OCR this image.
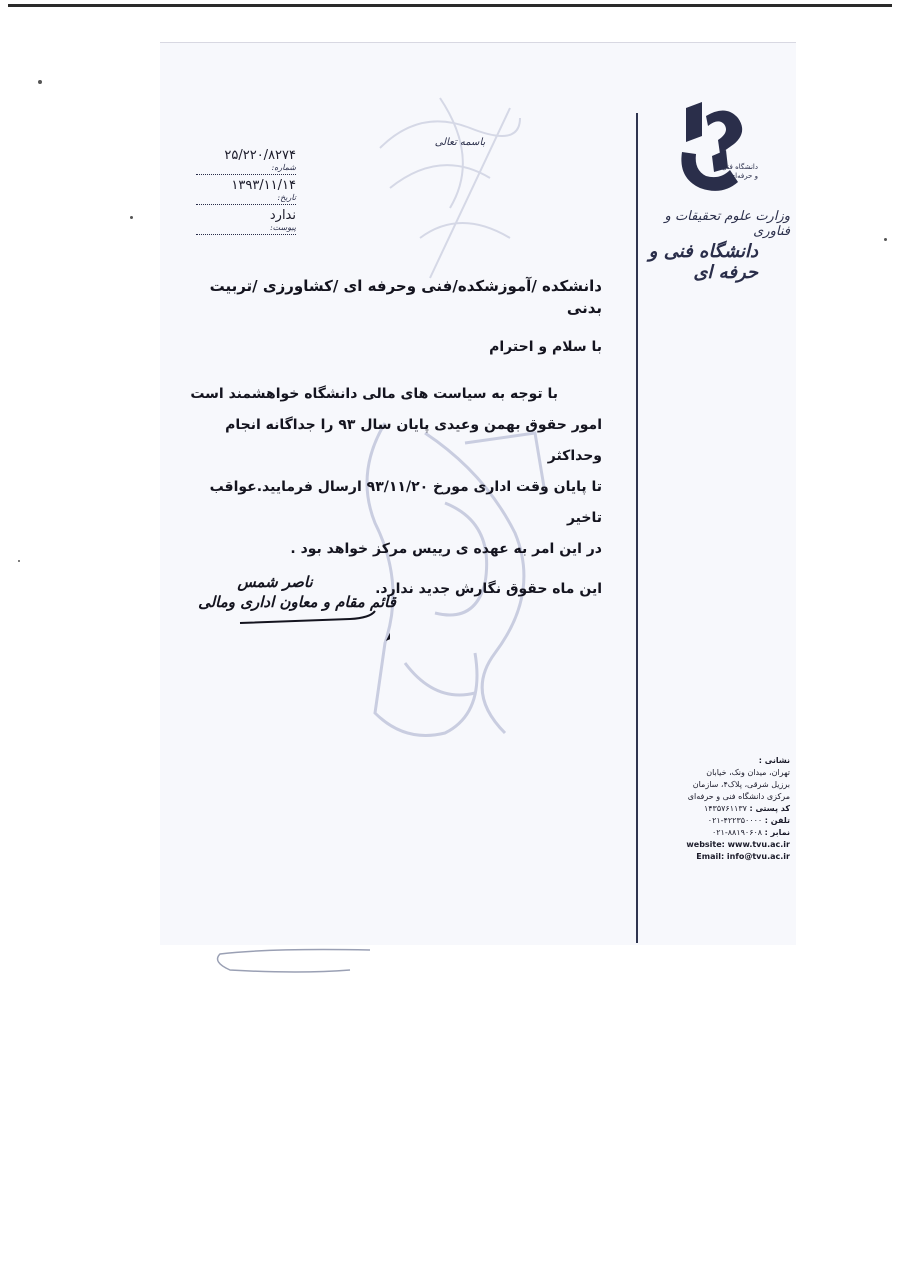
دانشگاه فنی و حرفه‌ای
وزارت علوم تحقیقات و فناوری
دانشگاه فنی و حرفه ای
باسمه تعالی
۲۵/۲۲۰/۸۲۷۴
شماره:
۱۳۹۳/۱۱/۱۴
تاریخ:
ندارد
پیوست:

دانشکده /آموزشکده/فنی وحرفه ای /کشاورزی /تربیت بدنی

با سلام و احترام

با توجه به سیاست های مالی دانشگاه خواهشمند است

امور حقوق بهمن وعیدی پایان سال ۹۳ را جداگانه انجام وحداکثر

تا پایان وقت اداری مورخ ۹۳/۱۱/۲۰ ارسال فرمایید.عواقب تاخیر

در این امر به عهده ی رییس مرکز خواهد بود .

این ماه حقوق نگارش جدید ندارد.

ناصر شمس
قائم مقام و معاون اداری ومالی
نشانی :
تهران، میدان ونک، خیابان
برزیل شرقی، پلاک۴، سازمان
مرکزی دانشگاه فنی و حرفه‌ای
کد پستی : ۱۴۳۵۷۶۱۱۳۷
تلفن : ۰۲۱-۴۲۲۳۵۰۰۰۰
نمابر : ۰۲۱-۸۸۱۹۰۶۰۸
website: www.tvu.ac.ir
Email: info@tvu.ac.ir
